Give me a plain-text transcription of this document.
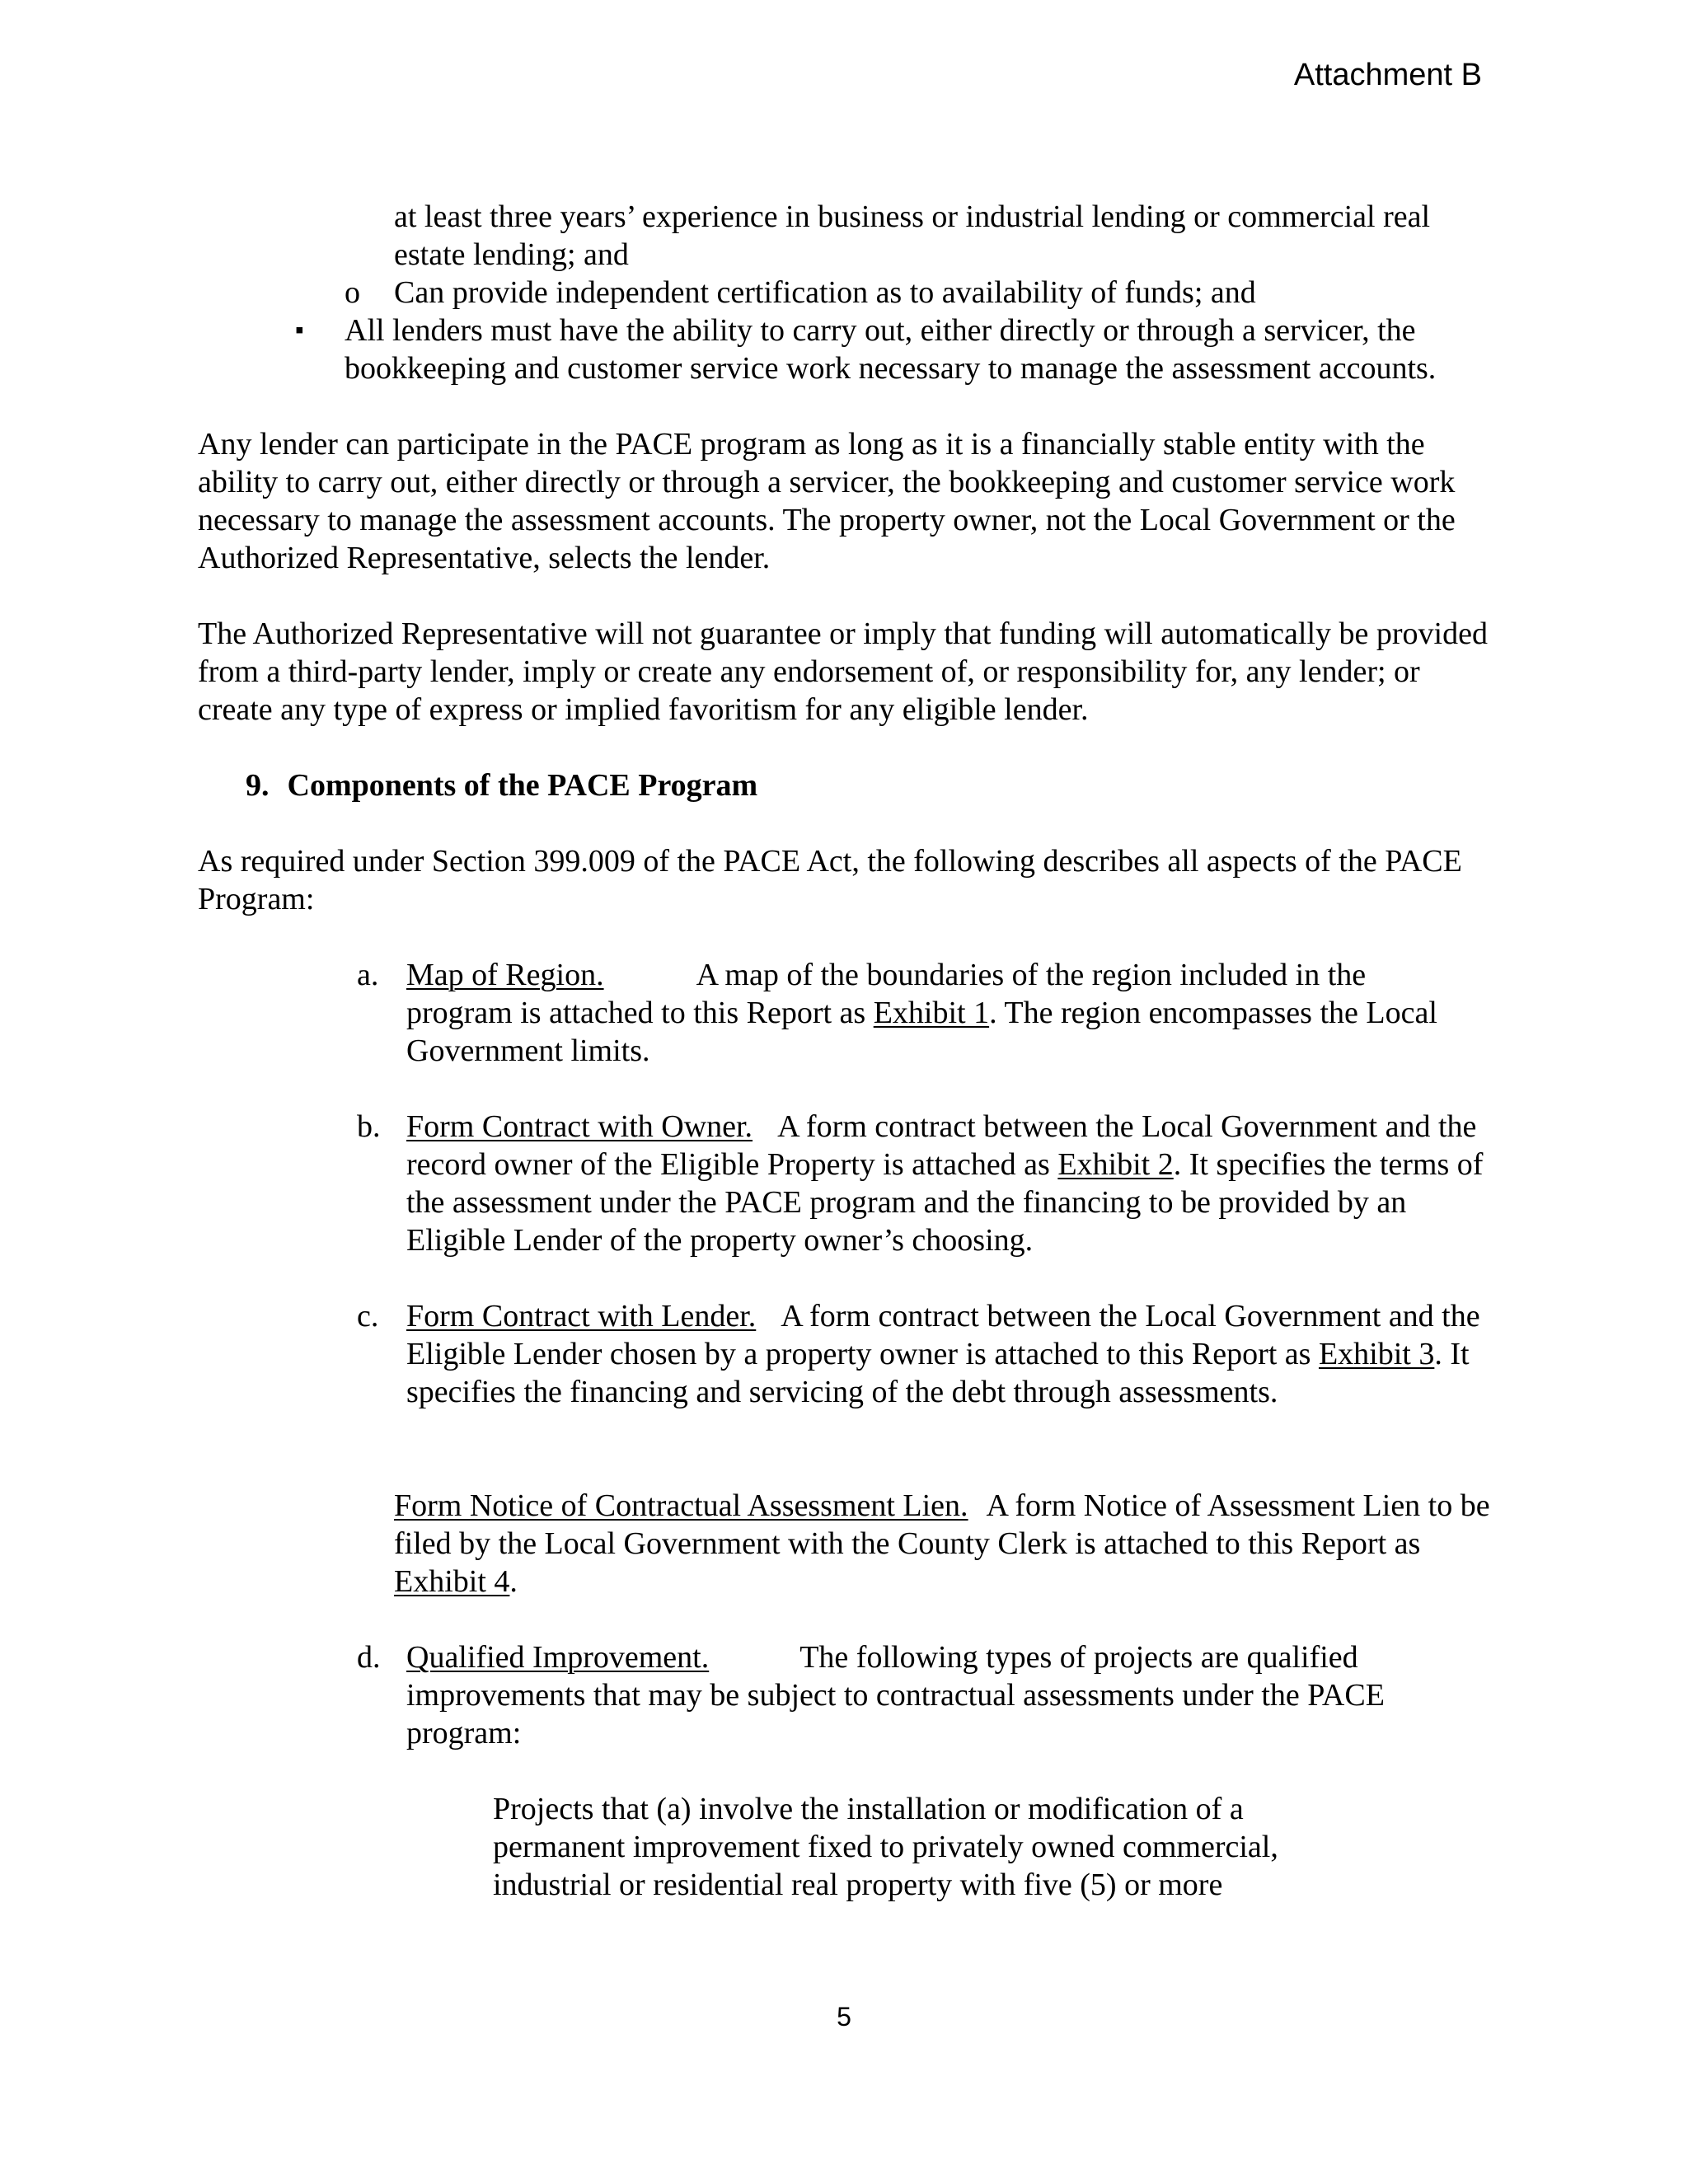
Attachment B

at least three years’ experience in business or industrial lending or commercial real estate lending; and

o Can provide independent certification as to availability of funds; and

▪ All lenders must have the ability to carry out, either directly or through a servicer, the bookkeeping and customer service work necessary to manage the assessment accounts.

Any lender can participate in the PACE program as long as it is a financially stable entity with the ability to carry out, either directly or through a servicer, the bookkeeping and customer service work necessary to manage the assessment accounts. The property owner, not the Local Government or the Authorized Representative, selects the lender.

The Authorized Representative will not guarantee or imply that funding will automatically be provided from a third-party lender, imply or create any endorsement of, or responsibility for, any lender; or create any type of express or implied favoritism for any eligible lender.

9. Components of the PACE Program

As required under Section 399.009 of the PACE Act, the following describes all aspects of the PACE Program:

a. Map of Region.	A map of the boundaries of the region included in the program is attached to this Report as Exhibit 1. The region encompasses the Local Government limits.

b. Form Contract with Owner. A form contract between the Local Government and the record owner of the Eligible Property is attached as Exhibit 2. It specifies the terms of the assessment under the PACE program and the financing to be provided by an Eligible Lender of the property owner’s choosing.

c. Form Contract with Lender. A form contract between the Local Government and the Eligible Lender chosen by a property owner is attached to this Report as Exhibit 3. It specifies the financing and servicing of the debt through assessments.

Form Notice of Contractual Assessment Lien. A form Notice of Assessment Lien to be filed by the Local Government with the County Clerk is attached to this Report as Exhibit 4.

d. Qualified Improvement.	The following types of projects are qualified improvements that may be subject to contractual assessments under the PACE program:

Projects that (a) involve the installation or modification of a permanent improvement fixed to privately owned commercial, industrial or residential real property with five (5) or more

5
